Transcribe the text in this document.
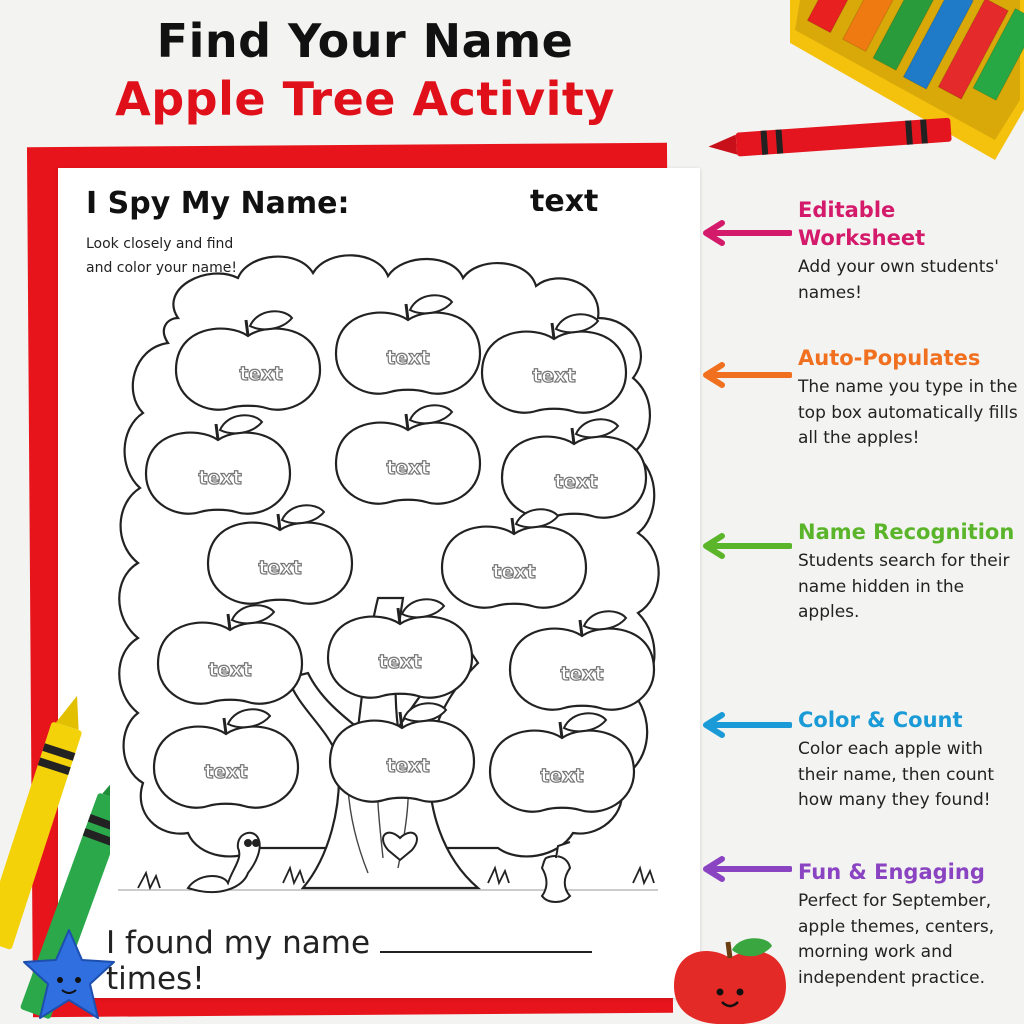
Find Your Name
Apple Tree Activity
I Spy My Name:	text
Look closely and find and color your name!
text
text
text
text	text
text
text	text
text	text
text
text	text	text
I found my nametimes!
Editable Worksheet
Add your own students' names!
Auto-Populates
The name you type in the top box automatically fills all the apples!
Name Recognition
Students search for their name hidden in the apples.
Color & Count
Color each apple with their name, then count how many they found!
Fun & Engaging
Perfect for September, apple themes, centers, morning work and independent practice.
